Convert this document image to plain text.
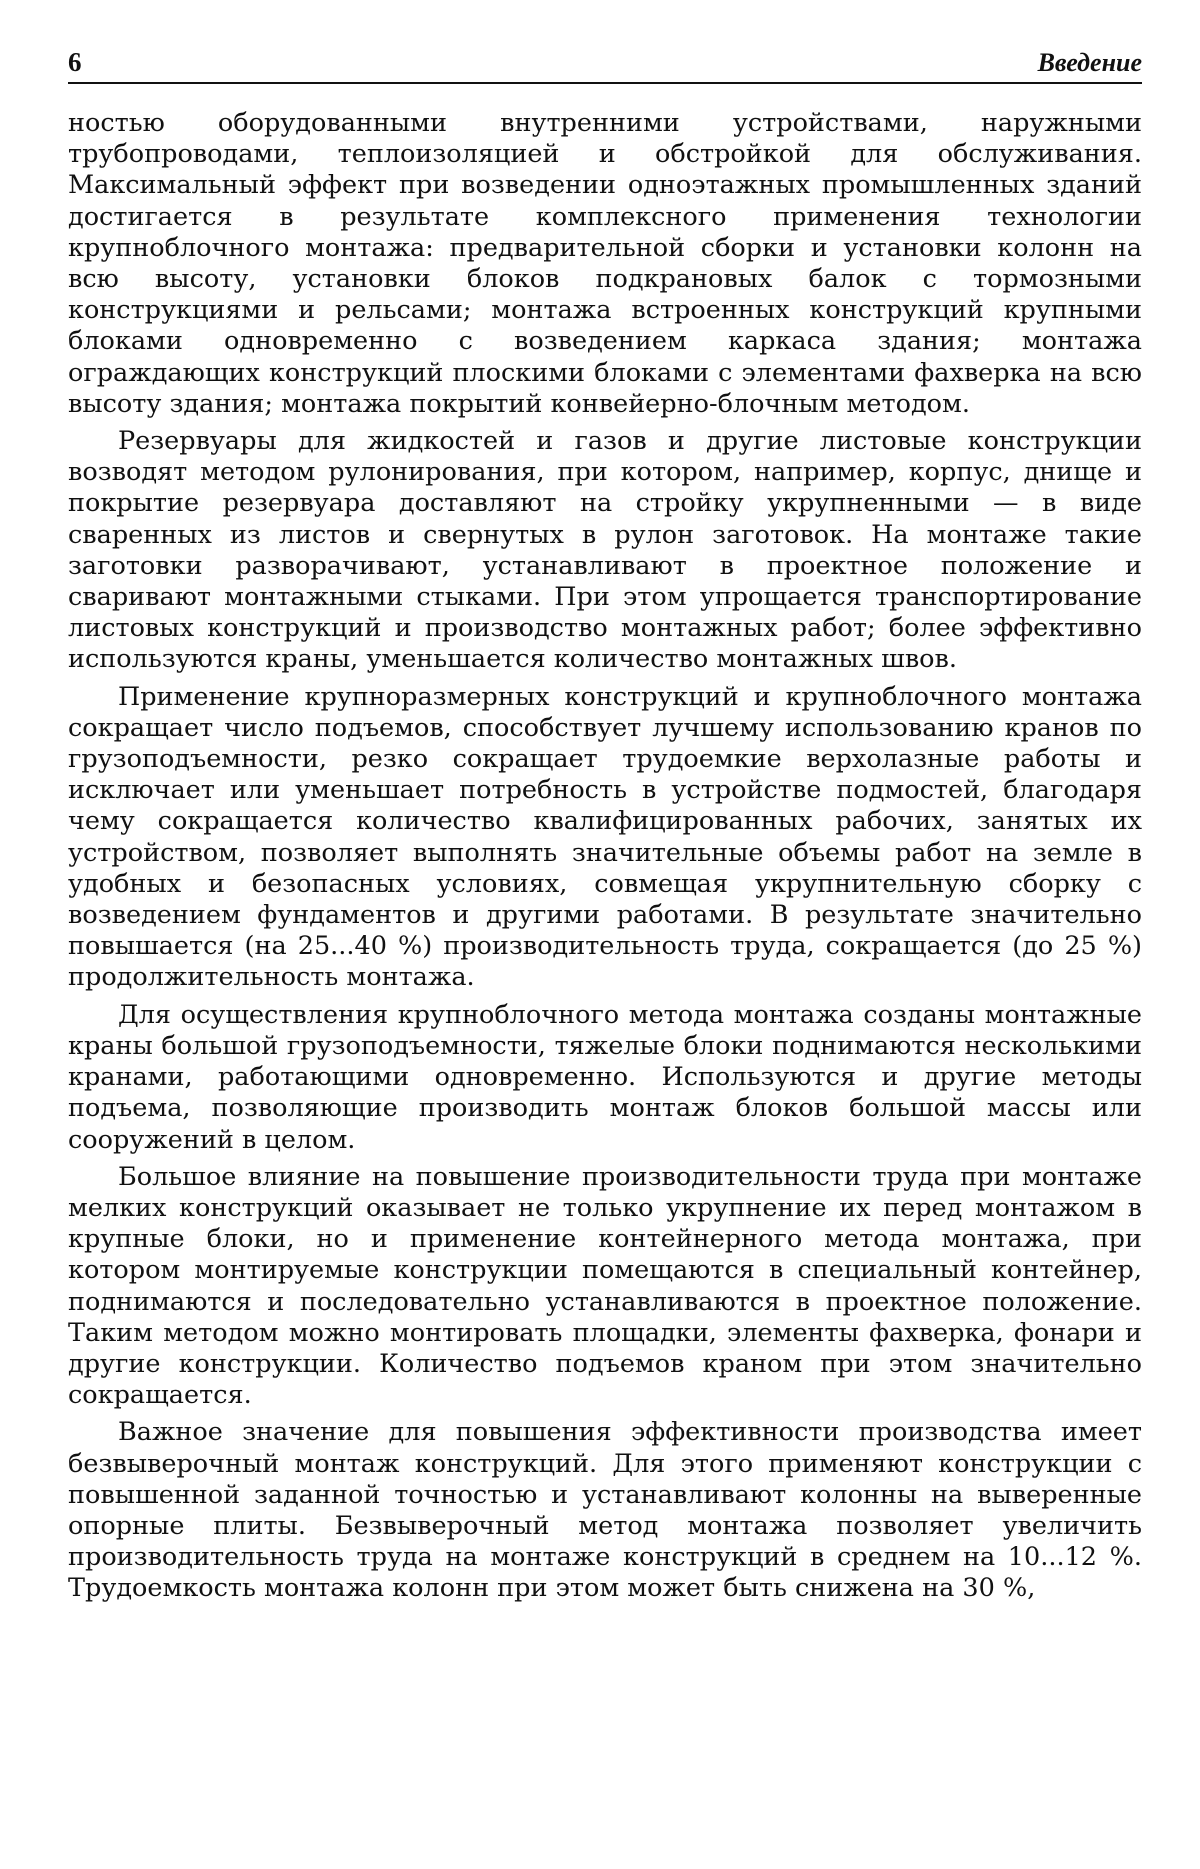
6	Введение

ностью оборудованными внутренними устройствами, наружными трубопроводами, теплоизоляцией и обстройкой для обслуживания. Максимальный эффект при возведении одноэтажных промышленных зданий достигается в результате комплексного применения технологии крупноблочного монтажа: предварительной сборки и установки колонн на всю высоту, установки блоков подкрановых балок с тормозными конструкциями и рельсами; монтажа встроенных конструкций крупными блоками одновременно с возведением каркаса здания; монтажа ограждающих конструкций плоскими блоками с элементами фахверка на всю высоту здания; монтажа покрытий конвейерно-блочным методом.

Резервуары для жидкостей и газов и другие листовые конструкции возводят методом рулонирования, при котором, например, корпус, днище и покрытие резервуара доставляют на стройку укрупненными — в виде сваренных из листов и свернутых в рулон заготовок. На монтаже такие заготовки разворачивают, устанавливают в проектное положение и сваривают монтажными стыками. При этом упрощается транспортирование листовых конструкций и производство монтажных работ; более эффективно используются краны, уменьшается количество монтажных швов.

Применение крупноразмерных конструкций и крупноблочного монтажа сокращает число подъемов, способствует лучшему использованию кранов по грузоподъемности, резко сокращает трудоемкие верхолазные работы и исключает или уменьшает потребность в устройстве подмостей, благодаря чему сокращается количество квалифицированных рабочих, занятых их устройством, позволяет выполнять значительные объемы работ на земле в удобных и безопасных условиях, совмещая укрупнительную сборку с возведением фундаментов и другими работами. В результате значительно повышается (на 25...40 %) производительность труда, сокращается (до 25 %) продолжительность монтажа.

Для осуществления крупноблочного метода монтажа созданы монтажные краны большой грузоподъемности, тяжелые блоки поднимаются несколькими кранами, работающими одновременно. Используются и другие методы подъема, позволяющие производить монтаж блоков большой массы или сооружений в целом.

Большое влияние на повышение производительности труда при монтаже мелких конструкций оказывает не только укрупнение их перед монтажом в крупные блоки, но и применение контейнерного метода монтажа, при котором монтируемые конструкции помещаются в специальный контейнер, поднимаются и последовательно устанавливаются в проектное положение. Таким методом можно монтировать площадки, элементы фахверка, фонари и другие конструкции. Количество подъемов краном при этом значительно сокращается.

Важное значение для повышения эффективности производства имеет безвыверочный монтаж конструкций. Для этого применяют конструкции с повышенной заданной точностью и устанавливают колонны на выверенные опорные плиты. Безвыверочный метод монтажа позволяет увеличить производительность труда на монтаже конструкций в среднем на 10...12 %. Трудоемкость монтажа колонн при этом может быть снижена на 30 %,
